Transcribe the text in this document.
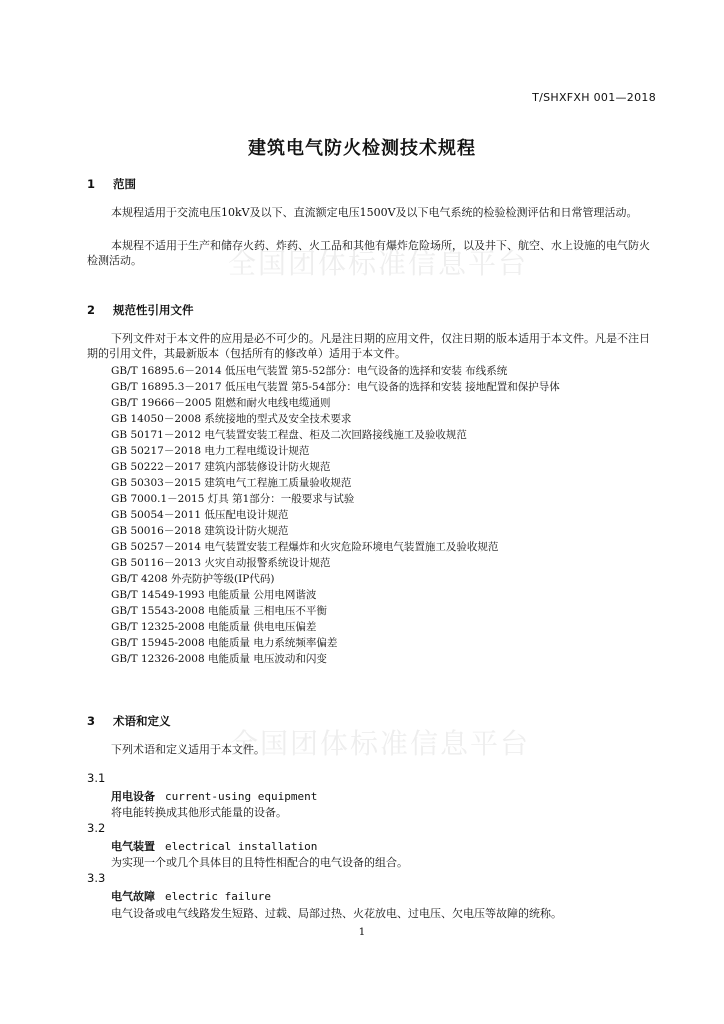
T/SHXFXH 001—2018
建筑电气防火检测技术规程
全国团体标准信息平台
全国团体标准信息平台
1 范围
本规程适用于交流电压10kV及以下、直流额定电压1500V及以下电气系统的检验检测评估和日常管理活动。
本规程不适用于生产和储存火药、炸药、火工品和其他有爆炸危险场所，以及井下、航空、水上设施的电气防火检测活动。
2 规范性引用文件
下列文件对于本文件的应用是必不可少的。凡是注日期的应用文件，仅注日期的版本适用于本文件。凡是不注日期的引用文件，其最新版本（包括所有的修改单）适用于本文件。
GB/T 16895.6－2014 低压电气装置 第5-52部分：电气设备的选择和安装 布线系统
GB/T 16895.3－2017 低压电气装置 第5-54部分：电气设备的选择和安装 接地配置和保护导体
GB/T 19666－2005 阻燃和耐火电线电缆通则
GB 14050－2008 系统接地的型式及安全技术要求
GB 50171－2012 电气装置安装工程盘、柜及二次回路接线施工及验收规范
GB 50217－2018 电力工程电缆设计规范
GB 50222－2017 建筑内部装修设计防火规范
GB 50303－2015 建筑电气工程施工质量验收规范
GB 7000.1－2015 灯具 第1部分：一般要求与试验
GB 50054－2011 低压配电设计规范
GB 50016－2018 建筑设计防火规范
GB 50257－2014 电气装置安装工程爆炸和火灾危险环境电气装置施工及验收规范
GB 50116－2013 火灾自动报警系统设计规范
GB/T 4208 外壳防护等级(IP代码)
GB/T 14549-1993 电能质量 公用电网谐波
GB/T 15543-2008 电能质量 三相电压不平衡
GB/T 12325-2008 电能质量 供电电压偏差
GB/T 15945-2008 电能质量 电力系统频率偏差
GB/T 12326-2008 电能质量 电压波动和闪变
3 术语和定义
下列术语和定义适用于本文件。
3.1
用电设备 current-using equipment
将电能转换成其他形式能量的设备。
3.2
电气装置 electrical installation
为实现一个或几个具体目的且特性相配合的电气设备的组合。
3.3
电气故障 electric failure
电气设备或电气线路发生短路、过载、局部过热、火花放电、过电压、欠电压等故障的统称。
1
